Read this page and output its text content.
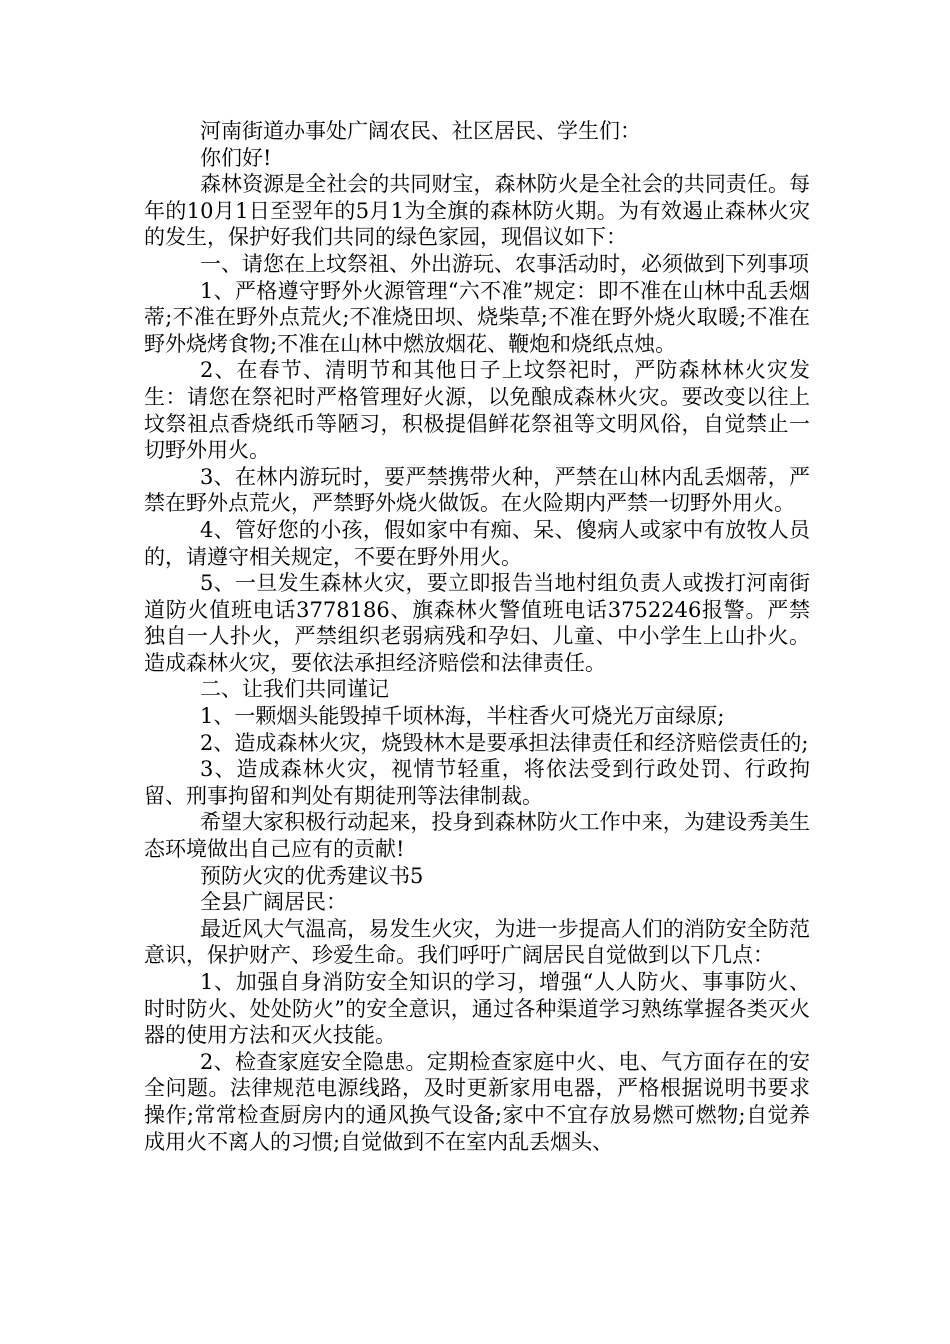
河南街道办事处广阔农民、社区居民、学生们：

你们好!

森林资源是全社会的共同财宝，森林防火是全社会的共同责任。每年的10月1日至翌年的5月1为全旗的森林防火期。为有效遏止森林火灾的发生，保护好我们共同的绿色家园，现倡议如下：

一、请您在上坟祭祖、外出游玩、农事活动时，必须做到下列事项

1、严格遵守野外火源管理“六不准”规定：即不准在山林中乱丢烟蒂;不准在野外点荒火;不准烧田坝、烧柴草;不准在野外烧火取暖;不准在野外烧烤食物;不准在山林中燃放烟花、鞭炮和烧纸点烛。

2、在春节、清明节和其他日子上坟祭祀时，严防森林林火灾发生：请您在祭祀时严格管理好火源，以免酿成森林火灾。要改变以往上坟祭祖点香烧纸币等陋习，积极提倡鲜花祭祖等文明风俗，自觉禁止一切野外用火。

3、在林内游玩时，要严禁携带火种，严禁在山林内乱丢烟蒂，严禁在野外点荒火，严禁野外烧火做饭。在火险期内严禁一切野外用火。

4、管好您的小孩，假如家中有痴、呆、傻病人或家中有放牧人员的，请遵守相关规定，不要在野外用火。

5、一旦发生森林火灾，要立即报告当地村组负责人或拨打河南街道防火值班电话3778186、旗森林火警值班电话3752246报警。严禁独自一人扑火，严禁组织老弱病残和孕妇、儿童、中小学生上山扑火。造成森林火灾，要依法承担经济赔偿和法律责任。

二、让我们共同谨记

1、一颗烟头能毁掉千顷林海，半柱香火可烧光万亩绿原;

2、造成森林火灾，烧毁林木是要承担法律责任和经济赔偿责任的;

3、造成森林火灾，视情节轻重，将依法受到行政处罚、行政拘留、刑事拘留和判处有期徒刑等法律制裁。

希望大家积极行动起来，投身到森林防火工作中来，为建设秀美生态环境做出自己应有的贡献!

预防火灾的优秀建议书5

全县广阔居民：

最近风大气温高，易发生火灾，为进一步提高人们的消防安全防范意识，保护财产、珍爱生命。我们呼吁广阔居民自觉做到以下几点：

1、加强自身消防安全知识的学习，增强“人人防火、事事防火、时时防火、处处防火”的安全意识，通过各种渠道学习熟练掌握各类灭火器的使用方法和灭火技能。

2、检查家庭安全隐患。定期检查家庭中火、电、气方面存在的安全问题。法律规范电源线路，及时更新家用电器，严格根据说明书要求操作;常常检查厨房内的通风换气设备;家中不宜存放易燃可燃物;自觉养成用火不离人的习惯;自觉做到不在室内乱丢烟头、
